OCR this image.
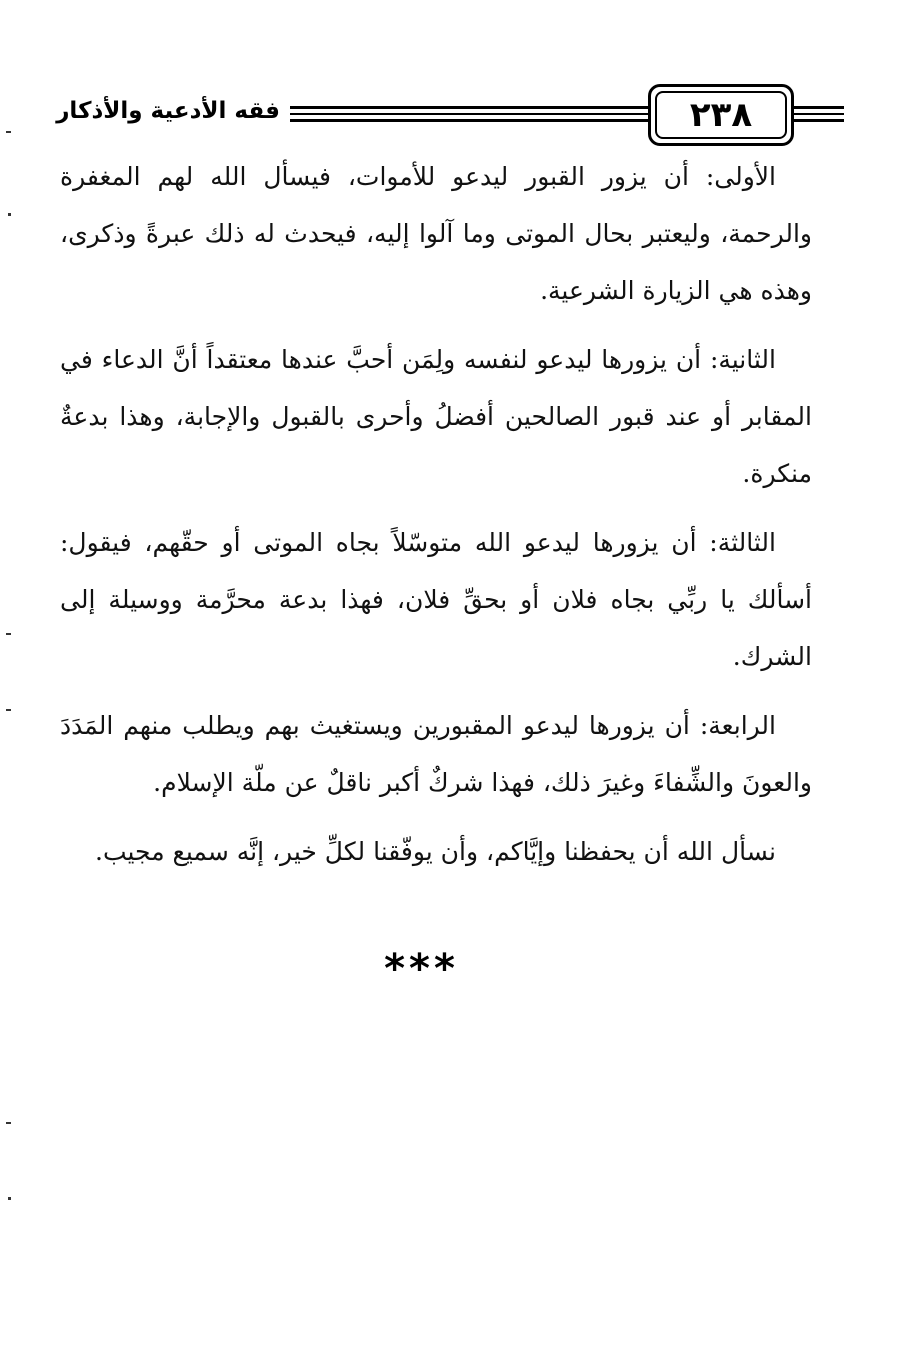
فقه الأدعية والأذكار	٢٣٨

الأولى: أن يزور القبور ليدعو للأموات، فيسأل الله لهم المغفرة والرحمة، وليعتبر بحال الموتى وما آلوا إليه، فيحدث له ذلك عبرةً وذكرى، وهذه هي الزيارة الشرعية.

الثانية: أن يزورها ليدعو لنفسه ولِمَن أحبَّ عندها معتقداً أنَّ الدعاء في المقابر أو عند قبور الصالحين أفضلُ وأحرى بالقبول والإجابة، وهذا بدعةٌ منكرة.

الثالثة: أن يزورها ليدعو الله متوسّلاً بجاه الموتى أو حقّهم، فيقول: أسألك يا ربِّي بجاه فلان أو بحقِّ فلان، فهذا بدعة محرَّمة ووسيلة إلى الشرك.

الرابعة: أن يزورها ليدعو المقبورين ويستغيث بهم ويطلب منهم المَدَدَ والعونَ والشِّفاءَ وغيرَ ذلك، فهذا شركٌ أكبر ناقلٌ عن ملّة الإسلام.

نسأل الله أن يحفظنا وإيَّاكم، وأن يوفّقنا لكلِّ خير، إنَّه سميع مجيب.

***
